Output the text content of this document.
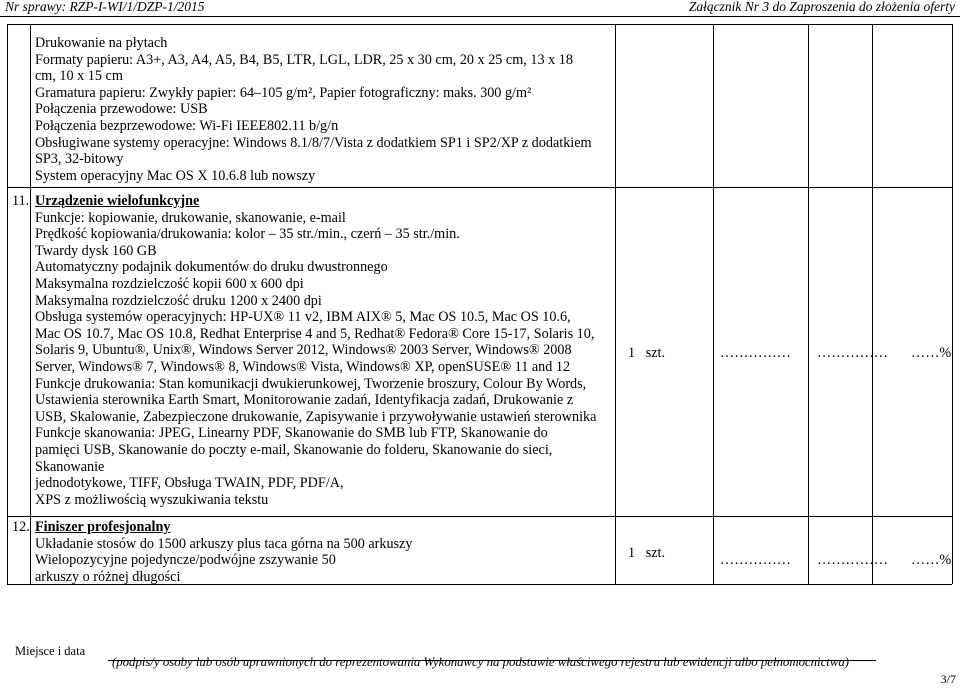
Nr sprawy: RZP-I-WI/1/DZP-1/2015	Załącznik Nr 3 do Zaproszenia do złożenia oferty
Drukowanie na płytach
Formaty papieru: A3+, A3, A4, A5, B4, B5, LTR, LGL, LDR, 25 x 30 cm, 20 x 25 cm, 13 x 18
cm, 10 x 15 cm
Gramatura papieru: Zwykły papier: 64–105 g/m², Papier fotograficzny: maks. 300 g/m²
Połączenia przewodowe: USB
Połączenia bezprzewodowe: Wi-Fi IEEE802.11 b/g/n
Obsługiwane systemy operacyjne: Windows 8.1/8/7/Vista z dodatkiem SP1 i SP2/XP z dodatkiem
SP3, 32-bitowy
System operacyjny Mac OS X 10.6.8 lub nowszy
11. Urządzenie wielofunkcyjne
Funkcje: kopiowanie, drukowanie, skanowanie, e-mail
Prędkość kopiowania/drukowania: kolor – 35 str./min., czerń – 35 str./min.
Twardy dysk 160 GB
Automatyczny podajnik dokumentów do druku dwustronnego
Maksymalna rozdzielczość kopii 600 x 600 dpi
Maksymalna rozdzielczość druku 1200 x 2400 dpi
Obsługa systemów operacyjnych: HP-UX® 11 v2, IBM AIX® 5, Mac OS 10.5, Mac OS 10.6,
Mac OS 10.7, Mac OS 10.8, Redhat Enterprise 4 and 5, Redhat® Fedora® Core 15-17, Solaris 10,
Solaris 9, Ubuntu®, Unix®, Windows Server 2012, Windows® 2003 Server, Windows® 2008
Server, Windows® 7, Windows® 8, Windows® Vista, Windows® XP, openSUSE® 11 and 12
Funkcje drukowania: Stan komunikacji dwukierunkowej, Tworzenie broszury, Colour By Words,
Ustawienia sterownika Earth Smart, Monitorowanie zadań, Identyfikacja zadań, Drukowanie z
USB, Skalowanie, Zabezpieczone drukowanie, Zapisywanie i przywoływanie ustawień sterownika
Funkcje skanowania: JPEG, Linearny PDF, Skanowanie do SMB lub FTP, Skanowanie do
pamięci USB, Skanowanie do poczty e-mail, Skanowanie do folderu, Skanowanie do sieci,
Skanowanie
jednodotykowe, TIFF, Obsługa TWAIN, PDF, PDF/A,
XPS z możliwością wyszukiwania tekstu
1   szt.	…………… …………… ……%
12. Finiszer profesjonalny
Układanie stosów do 1500 arkuszy plus taca górna na 500 arkuszy
Wielopozycyjne pojedyncze/podwójne zszywanie 50
arkuszy o różnej długości
1   szt.	…………… …………… ……%
Miejsce i data
(podpis/y osoby lub osób uprawnionych do reprezentowania Wykonawcy na podstawie właściwego rejestru lub ewidencji albo pełnomocnictwa)
3/7
